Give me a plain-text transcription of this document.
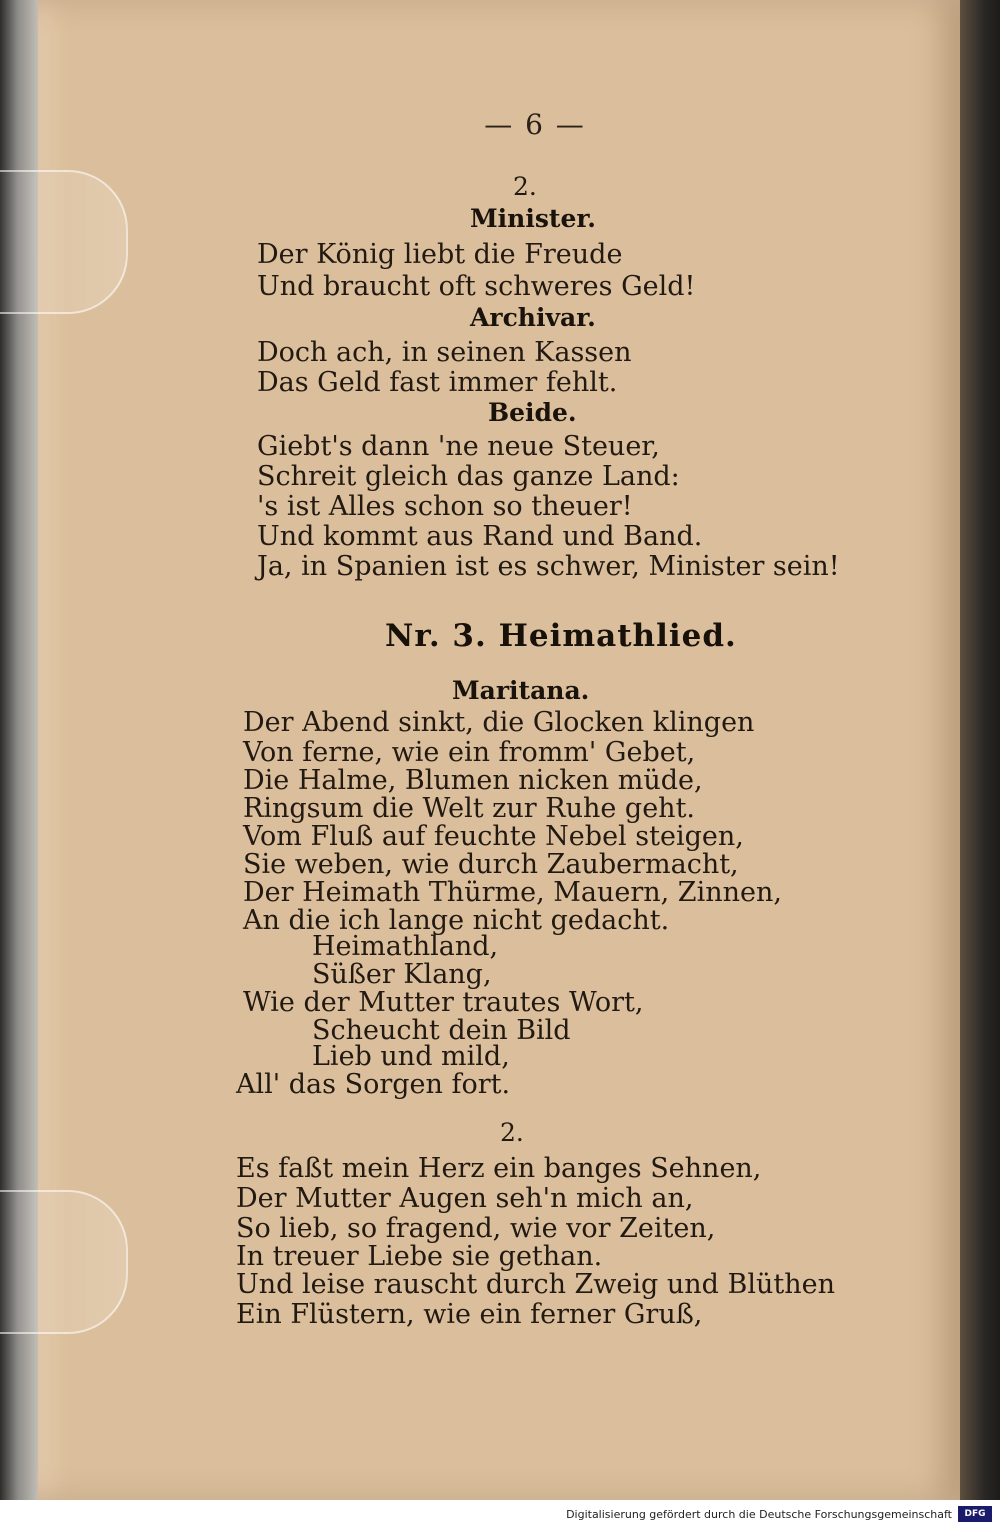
— 6 —
2.
Minister.
Der König liebt die Freude
Und braucht oft schweres Geld!
Archivar.
Doch ach, in seinen Kassen
Das Geld fast immer fehlt.
Beide.
Giebt's dann 'ne neue Steuer,
Schreit gleich das ganze Land:
's ist Alles schon so theuer!
Und kommt aus Rand und Band.
Ja, in Spanien ist es schwer, Minister sein!
Nr. 3. Heimathlied.
Maritana.
Der Abend sinkt, die Glocken klingen
Von ferne, wie ein fromm' Gebet,
Die Halme, Blumen nicken müde,
Ringsum die Welt zur Ruhe geht.
Vom Fluß auf feuchte Nebel steigen,
Sie weben, wie durch Zaubermacht,
Der Heimath Thürme, Mauern, Zinnen,
An die ich lange nicht gedacht.
Heimathland,
Süßer Klang,
Wie der Mutter trautes Wort,
Scheucht dein Bild
Lieb und mild,
All' das Sorgen fort.
2.
Es faßt mein Herz ein banges Sehnen,
Der Mutter Augen seh'n mich an,
So lieb, so fragend, wie vor Zeiten,
In treuer Liebe sie gethan.
Und leise rauscht durch Zweig und Blüthen
Ein Flüstern, wie ein ferner Gruß,
Digitalisierung gefördert durch die Deutsche Forschungsgemeinschaft	DFG
